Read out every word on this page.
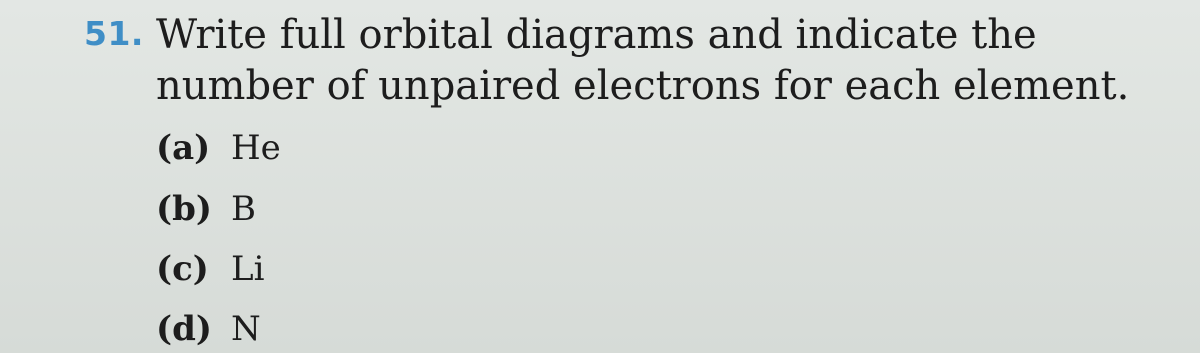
51. Write full orbital diagrams and indicate the number of unpaired electrons for each element.
(a) He
(b) B
(c) Li
(d) N
